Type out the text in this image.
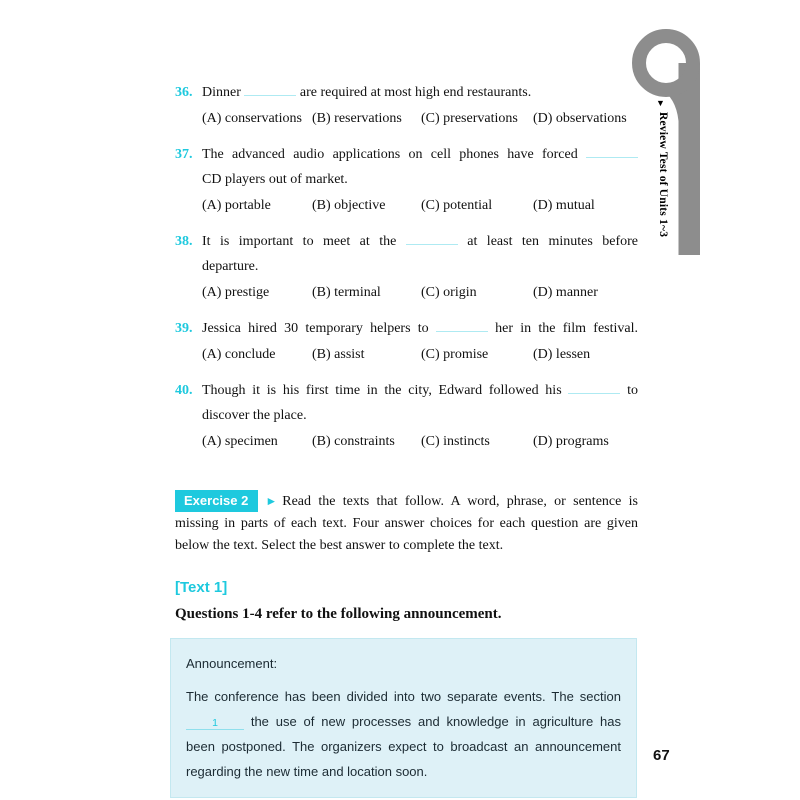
▼
Review Test of Units 1~3
36. Dinner	are required at most high end restaurants.
(A) conservations (B) reservations	(C) preservations	(D) observations
37. The advanced audio applications on cell phones have forced
CD players out of market.
(A) portable	(B) objective	(C) potential	(D) mutual
38. It is important to meet at the	at least ten minutes before
departure.
(A) prestige	(B) terminal	(C) origin	(D) manner
39. Jessica hired 30 temporary helpers to	her in the film festival.
(A) conclude	(B) assist	(C) promise	(D) lessen
40. Though it is his first time in the city, Edward followed his	to
discover the place.
(A) specimen	(B) constraints	(C) instincts	(D) programs
Exercise 2 ► Read the texts that follow. A word, phrase, or sentence is missing in parts of each text. Four answer choices for each question are given below the text. Select the best answer to complete the text.
[Text 1]
Questions 1-4 refer to the following announcement.
Announcement:
The conference has been divided into two separate events. The section 1 the use of new processes and knowledge in agriculture has been postponed. The organizers expect to broadcast an announcement regarding the new time and location soon.
67
